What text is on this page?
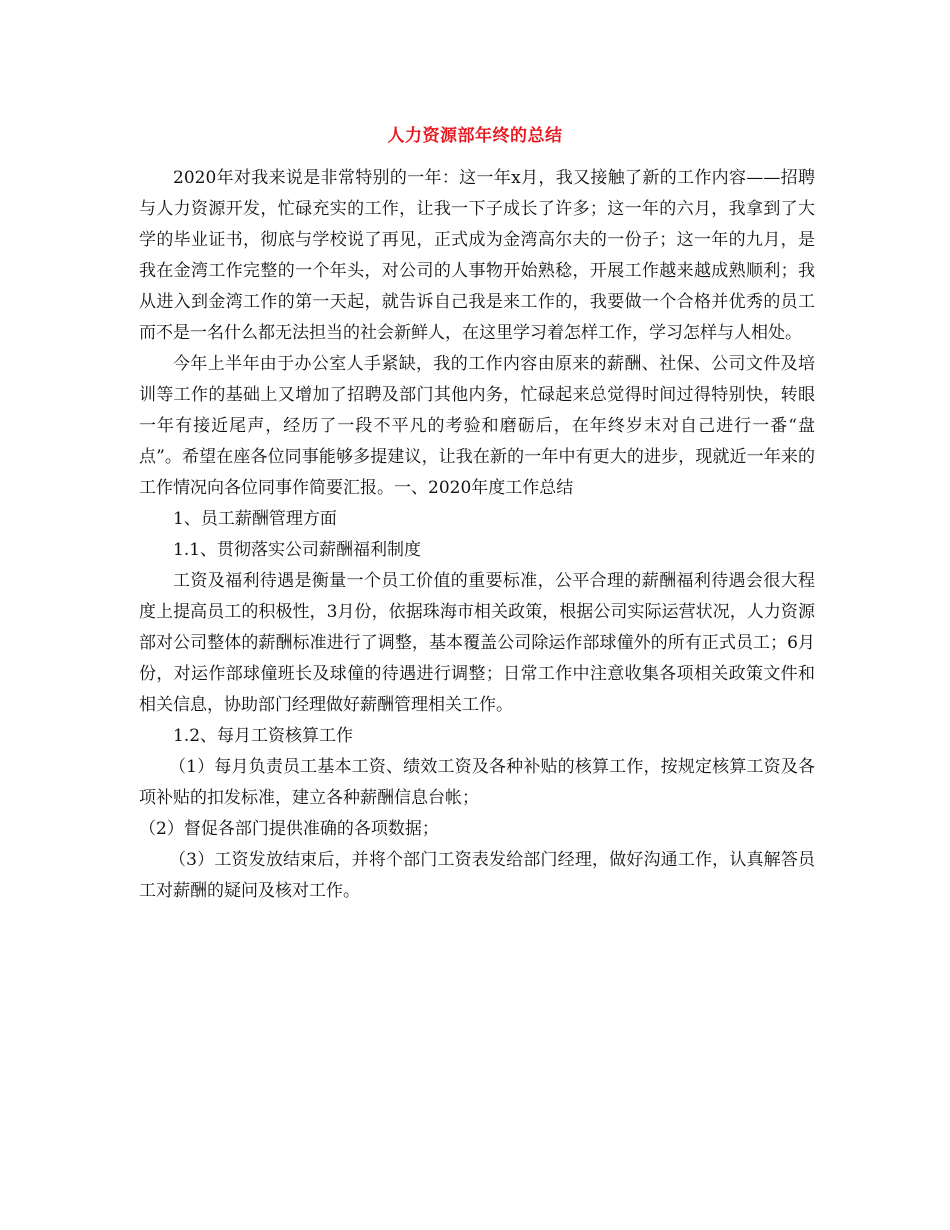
人力资源部年终的总结

2020年对我来说是非常特别的一年：这一年x月，我又接触了新的工作内容——招聘与人力资源开发，忙碌充实的工作，让我一下子成长了许多；这一年的六月，我拿到了大学的毕业证书，彻底与学校说了再见，正式成为金湾高尔夫的一份子；这一年的九月，是我在金湾工作完整的一个年头，对公司的人事物开始熟稔，开展工作越来越成熟顺利；我从进入到金湾工作的第一天起，就告诉自己我是来工作的，我要做一个合格并优秀的员工而不是一名什么都无法担当的社会新鲜人，在这里学习着怎样工作，学习怎样与人相处。

今年上半年由于办公室人手紧缺，我的工作内容由原来的薪酬、社保、公司文件及培训等工作的基础上又增加了招聘及部门其他内务，忙碌起来总觉得时间过得特别快，转眼一年有接近尾声，经历了一段不平凡的考验和磨砺后，在年终岁末对自己进行一番“盘点”。希望在座各位同事能够多提建议，让我在新的一年中有更大的进步，现就近一年来的工作情况向各位同事作简要汇报。一、2020年度工作总结

1、员工薪酬管理方面

1.1、贯彻落实公司薪酬福利制度

工资及福利待遇是衡量一个员工价值的重要标准，公平合理的薪酬福利待遇会很大程度上提高员工的积极性，3月份，依据珠海市相关政策，根据公司实际运营状况，人力资源部对公司整体的薪酬标准进行了调整，基本覆盖公司除运作部球僮外的所有正式员工；6月份，对运作部球僮班长及球僮的待遇进行调整；日常工作中注意收集各项相关政策文件和相关信息，协助部门经理做好薪酬管理相关工作。

1.2、每月工资核算工作

（1）每月负责员工基本工资、绩效工资及各种补贴的核算工作，按规定核算工资及各项补贴的扣发标准，建立各种薪酬信息台帐；

（2）督促各部门提供准确的各项数据；

（3）工资发放结束后，并将个部门工资表发给部门经理，做好沟通工作，认真解答员工对薪酬的疑问及核对工作。
